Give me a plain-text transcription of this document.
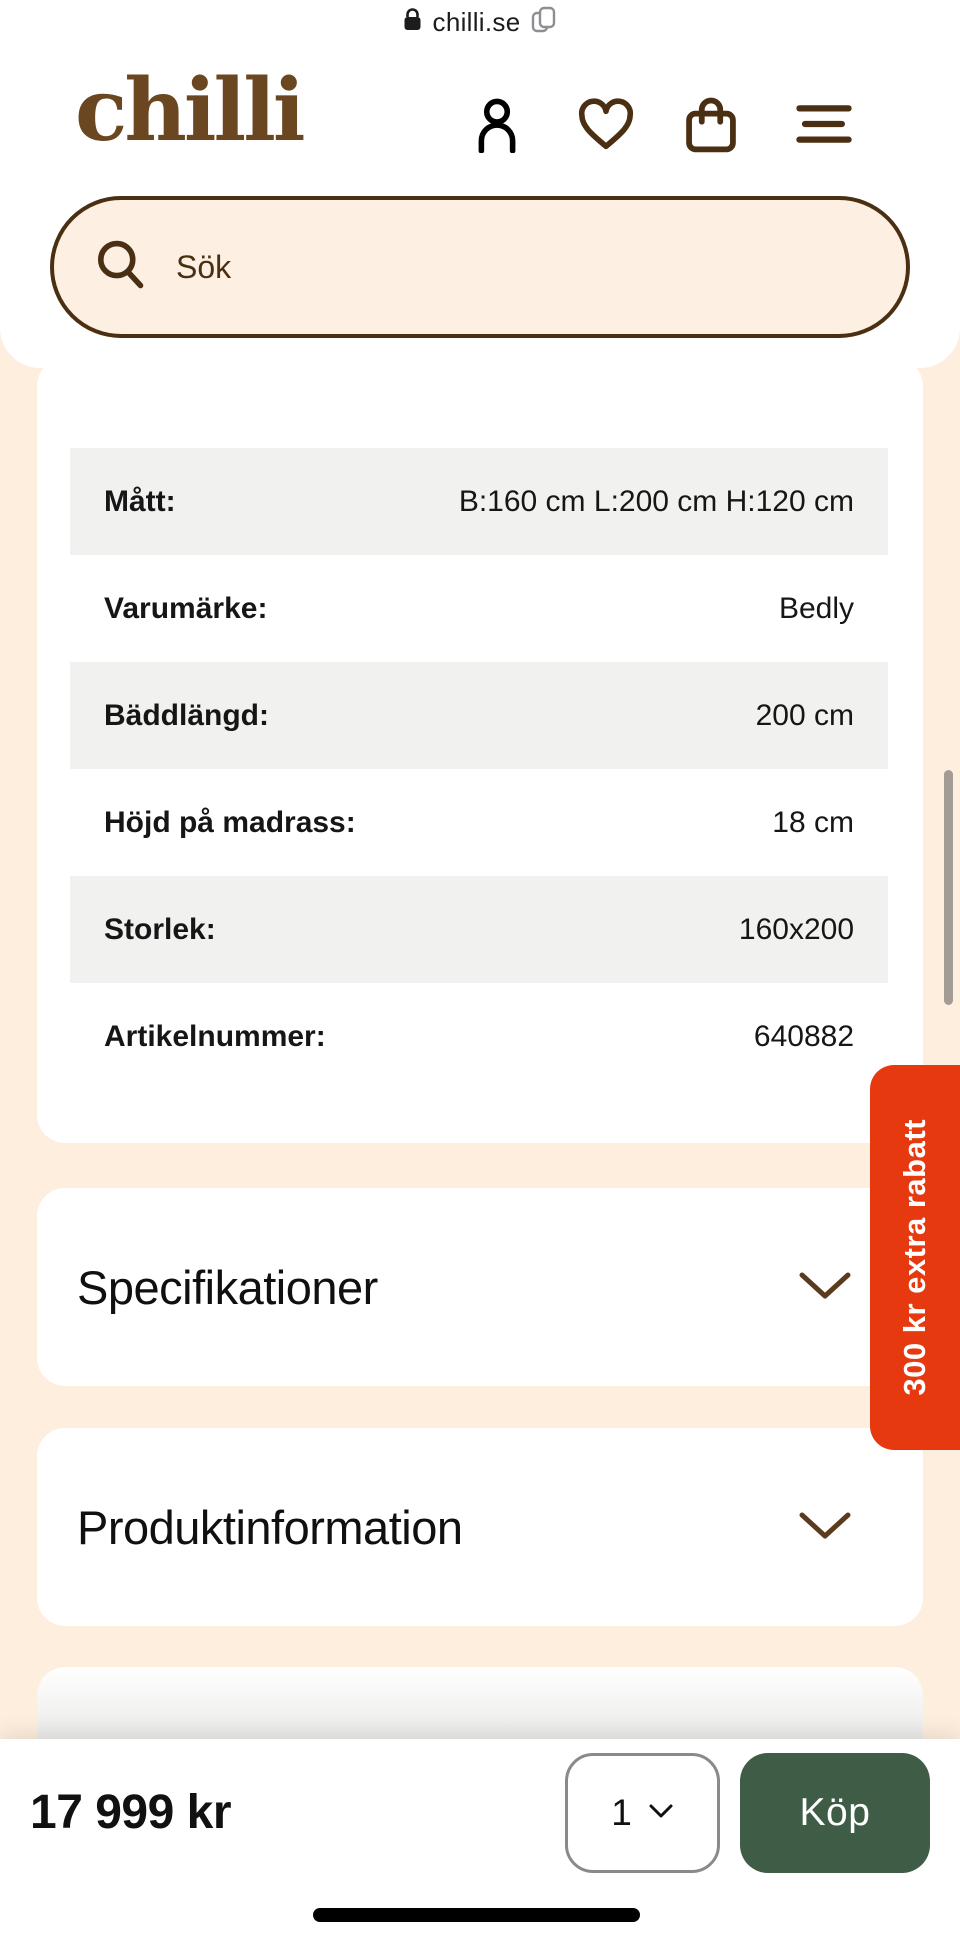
chilli.se
chilli
Sök
Mått:	B:160 cm L:200 cm H:120 cm
Varumärke:	Bedly
Bäddlängd:	200 cm
Höjd på madrass:	18 cm
Storlek:	160x200
Artikelnummer:	640882
Specifikationer
Produktinformation
300 kr extra rabatt
17 999 kr	1	Köp
